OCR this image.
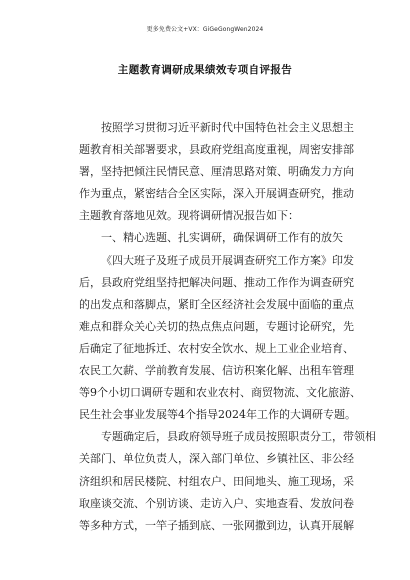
更多免费公文+VX：GiGeGongWen2024
主题教育调研成果绩效专项自评报告
按照学习贯彻习近平新时代中国特色社会主义思想主
题教育相关部署要求，县政府党组高度重视，周密安排部
署，坚持把倾注民情民意、厘清思路对策、明确发力方向
作为重点，紧密结合全区实际，深入开展调查研究，推动
主题教育落地见效。现将调研情况报告如下：
一、精心选题、扎实调研，确保调研工作有的放矢
《四大班子及班子成员开展调查研究工作方案》印发
后，县政府党组坚持把解决问题、推动工作作为调查研究
的出发点和落脚点，紧盯全区经济社会发展中面临的重点
难点和群众关心关切的热点焦点问题，专题讨论研究，先
后确定了征地拆迁、农村安全饮水、规上工业企业培育、
农民工欠薪、学前教育发展、信访积案化解、出租车管理
等9个小切口调研专题和农业农村、商贸物流、文化旅游、
民生社会事业发展等4个指导2024年工作的大调研专题。
专题确定后，县政府领导班子成员按照职责分工，带领相
关部门、单位负责人，深入部门单位、乡镇社区、非公经
济组织和居民楼院、村组农户、田间地头、施工现场，采
取座谈交流、个别访谈、走访入户、实地查看、发放问卷
等多种方式，一竿子插到底、一张网撒到边，认真开展解
